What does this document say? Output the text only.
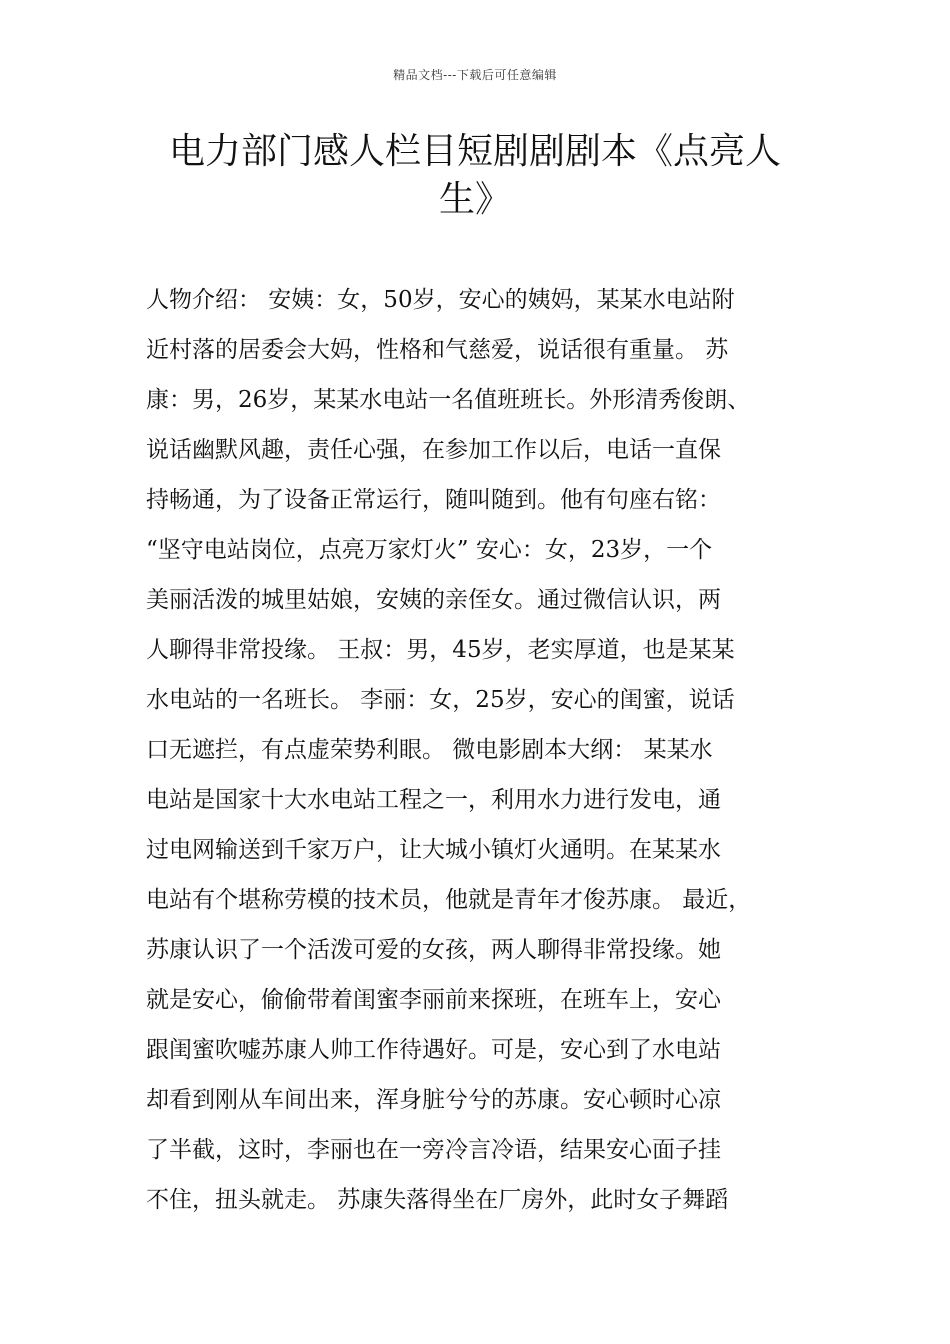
精品文档---下载后可任意编辑
电力部门感人栏目短剧剧剧本《点亮人
生》
人物介绍： 安姨：女，50岁，安心的姨妈，某某水电站附
近村落的居委会大妈，性格和气慈爱，说话很有重量。 苏
康：男，26岁，某某水电站一名值班班长。外形清秀俊朗、
说话幽默风趣，责任心强，在参加工作以后，电话一直保
持畅通，为了设备正常运行，随叫随到。他有句座右铭：
“坚守电站岗位，点亮万家灯火” 安心：女，23岁，一个
美丽活泼的城里姑娘，安姨的亲侄女。通过微信认识，两
人聊得非常投缘。 王叔：男，45岁，老实厚道，也是某某
水电站的一名班长。 李丽：女，25岁，安心的闺蜜，说话
口无遮拦，有点虚荣势利眼。 微电影剧本大纲： 某某水
电站是国家十大水电站工程之一，利用水力进行发电，通
过电网输送到千家万户，让大城小镇灯火通明。在某某水
电站有个堪称劳模的技术员，他就是青年才俊苏康。 最近，
苏康认识了一个活泼可爱的女孩，两人聊得非常投缘。她
就是安心，偷偷带着闺蜜李丽前来探班，在班车上，安心
跟闺蜜吹嘘苏康人帅工作待遇好。可是，安心到了水电站
却看到刚从车间出来，浑身脏兮兮的苏康。安心顿时心凉
了半截，这时，李丽也在一旁冷言冷语，结果安心面子挂
不住，扭头就走。 苏康失落得坐在厂房外，此时女子舞蹈
